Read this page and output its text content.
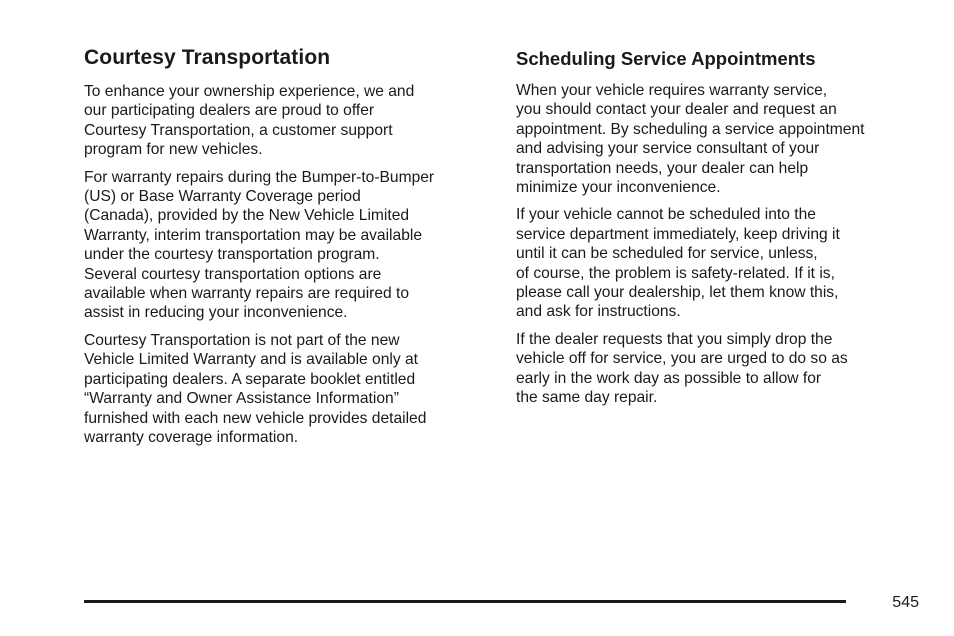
Courtesy Transportation

To enhance your ownership experience, we and
our participating dealers are proud to offer
Courtesy Transportation, a customer support
program for new vehicles.

For warranty repairs during the Bumper-to-Bumper
(US) or Base Warranty Coverage period
(Canada), provided by the New Vehicle Limited
Warranty, interim transportation may be available
under the courtesy transportation program.
Several courtesy transportation options are
available when warranty repairs are required to
assist in reducing your inconvenience.

Courtesy Transportation is not part of the new
Vehicle Limited Warranty and is available only at
participating dealers. A separate booklet entitled
“Warranty and Owner Assistance Information”
furnished with each new vehicle provides detailed
warranty coverage information.

Scheduling Service Appointments

When your vehicle requires warranty service,
you should contact your dealer and request an
appointment. By scheduling a service appointment
and advising your service consultant of your
transportation needs, your dealer can help
minimize your inconvenience.

If your vehicle cannot be scheduled into the
service department immediately, keep driving it
until it can be scheduled for service, unless,
of course, the problem is safety-related. If it is,
please call your dealership, let them know this,
and ask for instructions.

If the dealer requests that you simply drop the
vehicle off for service, you are urged to do so as
early in the work day as possible to allow for
the same day repair.

545
